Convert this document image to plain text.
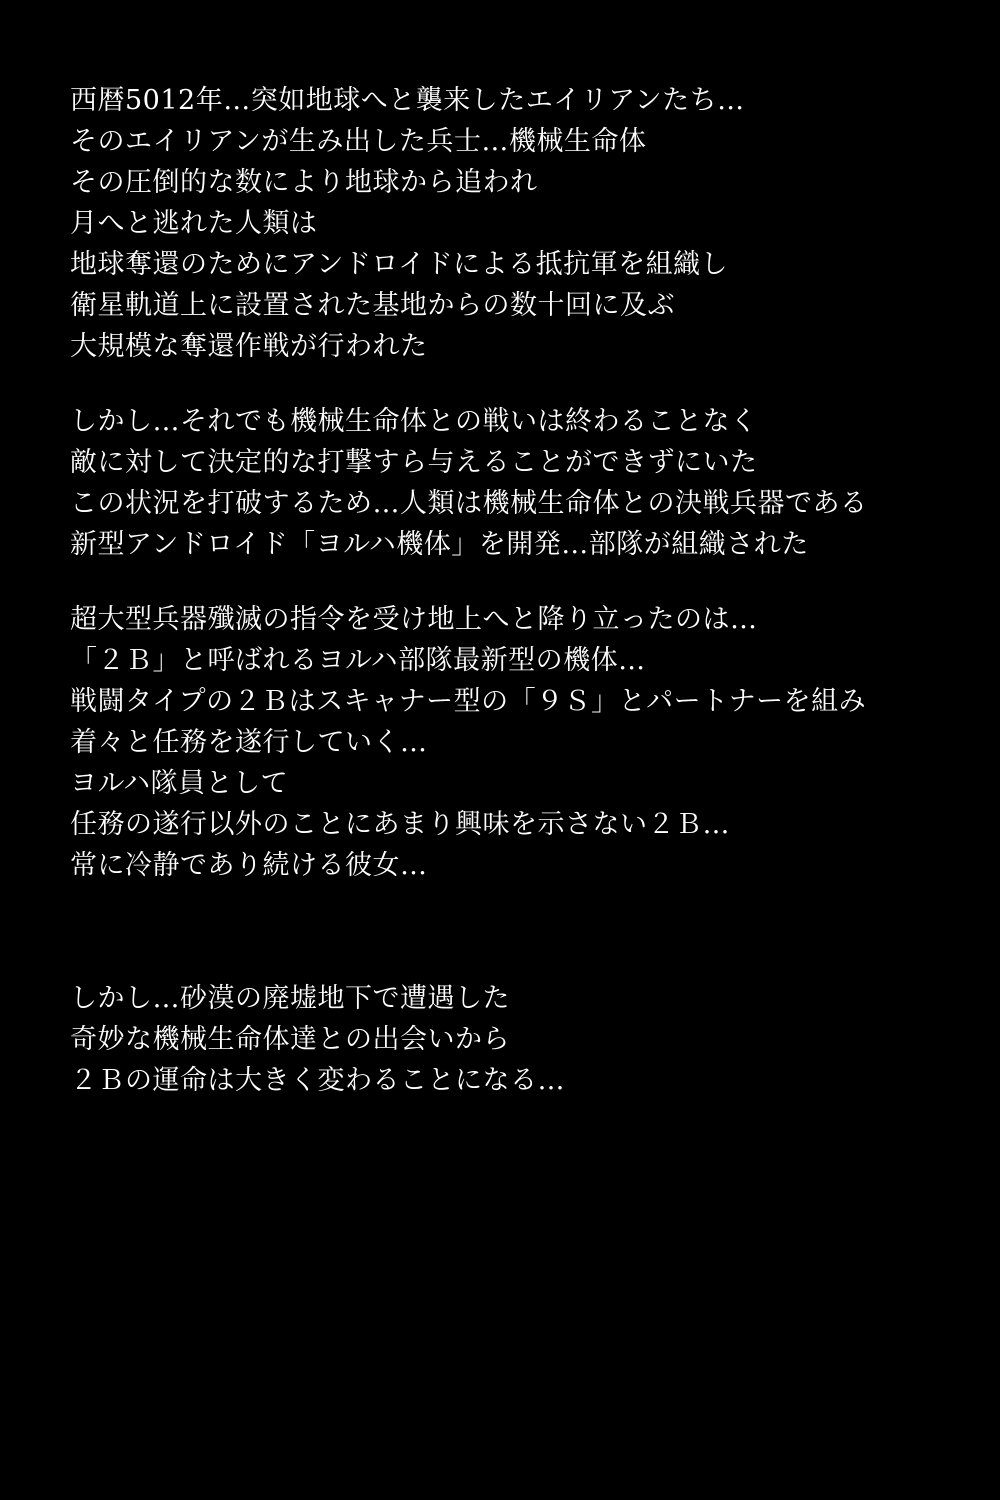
西暦5012年…突如地球へと襲来したエイリアンたち…
そのエイリアンが生み出した兵士…機械生命体
その圧倒的な数により地球から追われ
月へと逃れた人類は
地球奪還のためにアンドロイドによる抵抗軍を組織し
衛星軌道上に設置された基地からの数十回に及ぶ
大規模な奪還作戦が行われた
しかし…それでも機械生命体との戦いは終わることなく
敵に対して決定的な打撃すら与えることができずにいた
この状況を打破するため…人類は機械生命体との決戦兵器である
新型アンドロイド「ヨルハ機体」を開発…部隊が組織された
超大型兵器殲滅の指令を受け地上へと降り立ったのは…
「２Ｂ」と呼ばれるヨルハ部隊最新型の機体…
戦闘タイプの２Ｂはスキャナー型の「９Ｓ」とパートナーを組み
着々と任務を遂行していく…
ヨルハ隊員として
任務の遂行以外のことにあまり興味を示さない２Ｂ…
常に冷静であり続ける彼女…
しかし…砂漠の廃墟地下で遭遇した
奇妙な機械生命体達との出会いから
２Ｂの運命は大きく変わることになる…
